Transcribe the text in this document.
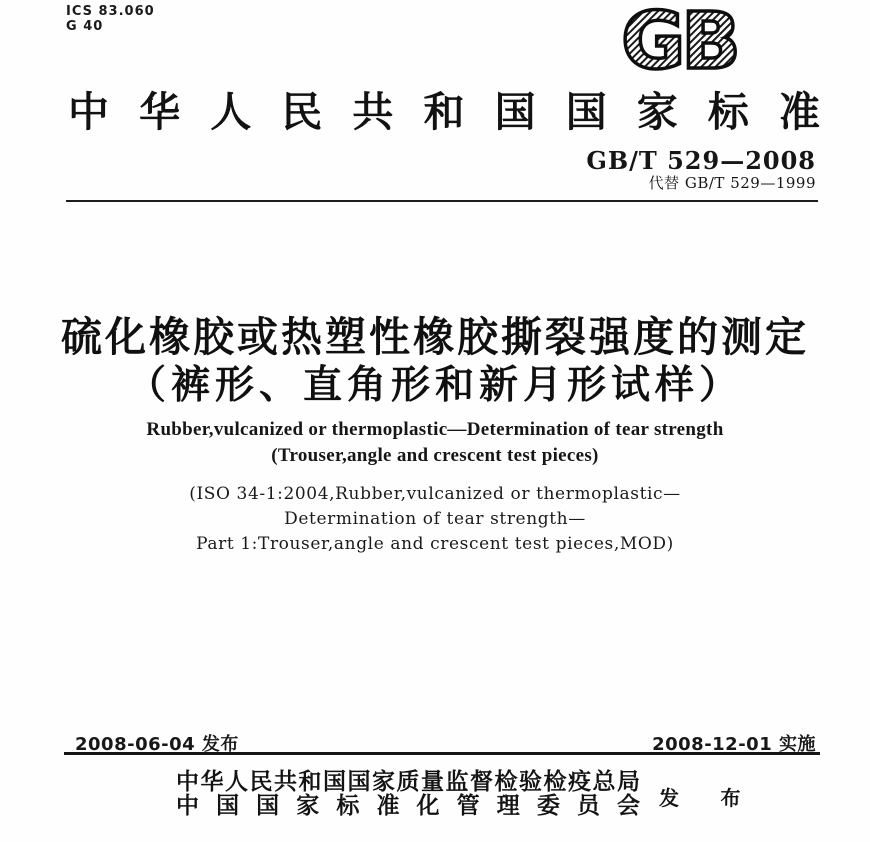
ICS 83.060
G 40	GB
中华人民共和国国家标准
GB/T 529—2008
代替 GB/T 529—1999
硫化橡胶或热塑性橡胶撕裂强度的测定
（裤形、直角形和新月形试样）
Rubber,vulcanized or thermoplastic—Determination of tear strength
(Trouser,angle and crescent test pieces)
(ISO 34-1:2004,Rubber,vulcanized or thermoplastic—
Determination of tear strength—
Part 1:Trouser,angle and crescent test pieces,MOD)
2008-06-04 发布	2008-12-01 实施
中华人民共和国国家质量监督检验检疫总局
中国国家标准化管理委员会 发 布
